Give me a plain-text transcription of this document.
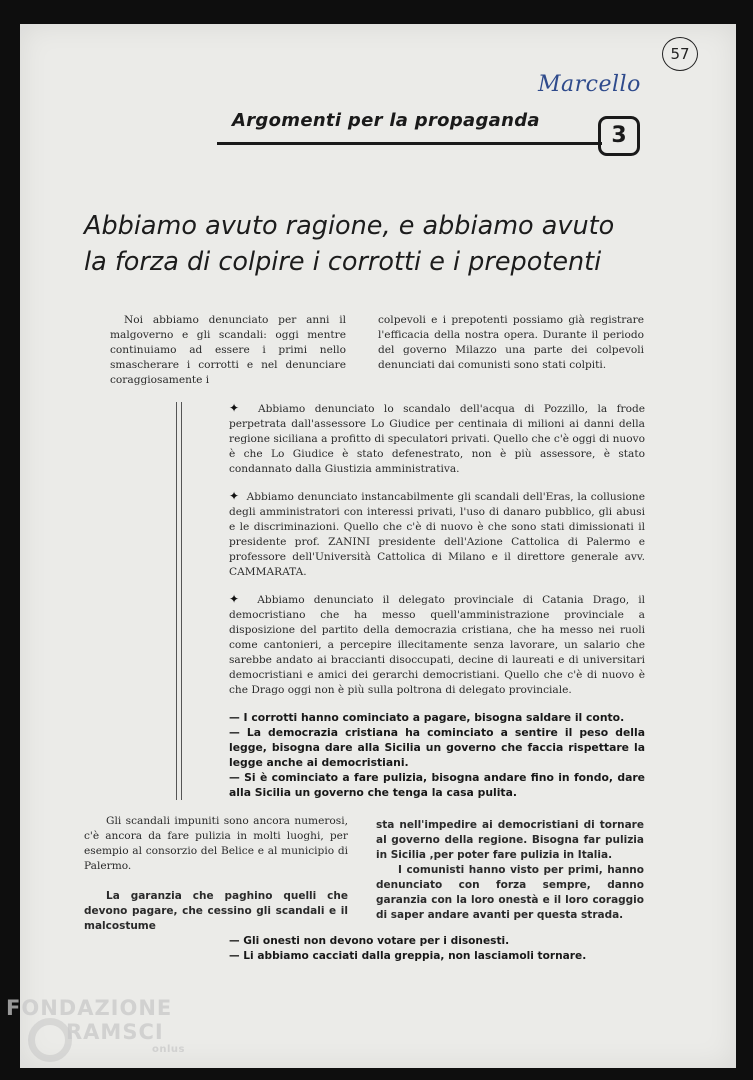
57
Marcello
Argomenti per la propaganda
3
Abbiamo avuto ragione, e abbiamo avuto
la forza di colpire i corrotti e i prepotenti

Noi abbiamo denunciato per anni il malgoverno e gli scandali: oggi mentre continuiamo ad essere i primi nello smascherare i corrotti e nel denunciare coraggiosamente i

colpevoli e i prepotenti possiamo già registrare l'efficacia della nostra opera. Durante il periodo del governo Milazzo una parte dei colpevoli denunciati dai comunisti sono stati colpiti.

✦ Abbiamo denunciato lo scandalo dell'acqua di Pozzillo, la frode perpetrata dall'assessore Lo Giudice per centinaia di milioni ai danni della regione siciliana a profitto di speculatori privati. Quello che c'è oggi di nuovo è che Lo Giudice è stato defenestrato, non è più assessore, è stato condannato dalla Giustizia amministrativa.
✦ Abbiamo denunciato instancabilmente gli scandali dell'Eras, la collusione degli amministratori con interessi privati, l'uso di danaro pubblico, gli abusi e le discriminazioni. Quello che c'è di nuovo è che sono stati dimissionati il presidente prof. ZANINI presidente dell'Azione Cattolica di Palermo e professore dell'Università Cattolica di Milano e il direttore generale avv. CAMMARATA.
✦ Abbiamo denunciato il delegato provinciale di Catania Drago, il democristiano che ha messo quell'amministrazione provinciale a disposizione del partito della democrazia cristiana, che ha messo nei ruoli come cantonieri, a percepire illecitamente senza lavorare, un salario che sarebbe andato ai braccianti disoccupati, decine di laureati e di universitari democristiani e amici dei gerarchi democristiani. Quello che c'è di nuovo è che Drago oggi non è più sulla poltrona di delegato provinciale.

— I corrotti hanno cominciato a pagare, bisogna saldare il conto.

— La democrazia cristiana ha cominciato a sentire il peso della legge, bisogna dare alla Sicilia un governo che faccia rispettare la legge anche ai democristiani.

— Si è cominciato a fare pulizia, bisogna andare fino in fondo, dare alla Sicilia un governo che tenga la casa pulita.

Gli scandali impuniti sono ancora numerosi, c'è ancora da fare pulizia in molti luoghi, per esempio al consorzio del Belice e al municipio di Palermo.

La garanzia che paghino quelli che devono pagare, che cessino gli scandali e il malcostume

sta nell'impedire ai democristiani di tornare al governo della regione. Bisogna far pulizia in Sicilia ,per poter fare pulizia in Italia.

I comunisti hanno visto per primi, hanno denunciato con forza sempre, danno garanzia con la loro onestà e il loro coraggio di saper andare avanti per questa strada.

— Gli onesti non devono votare per i disonesti.

— Li abbiamo cacciati dalla greppia, non lasciamoli tornare.

FONDAZIONE
RAMSCI
onlus
